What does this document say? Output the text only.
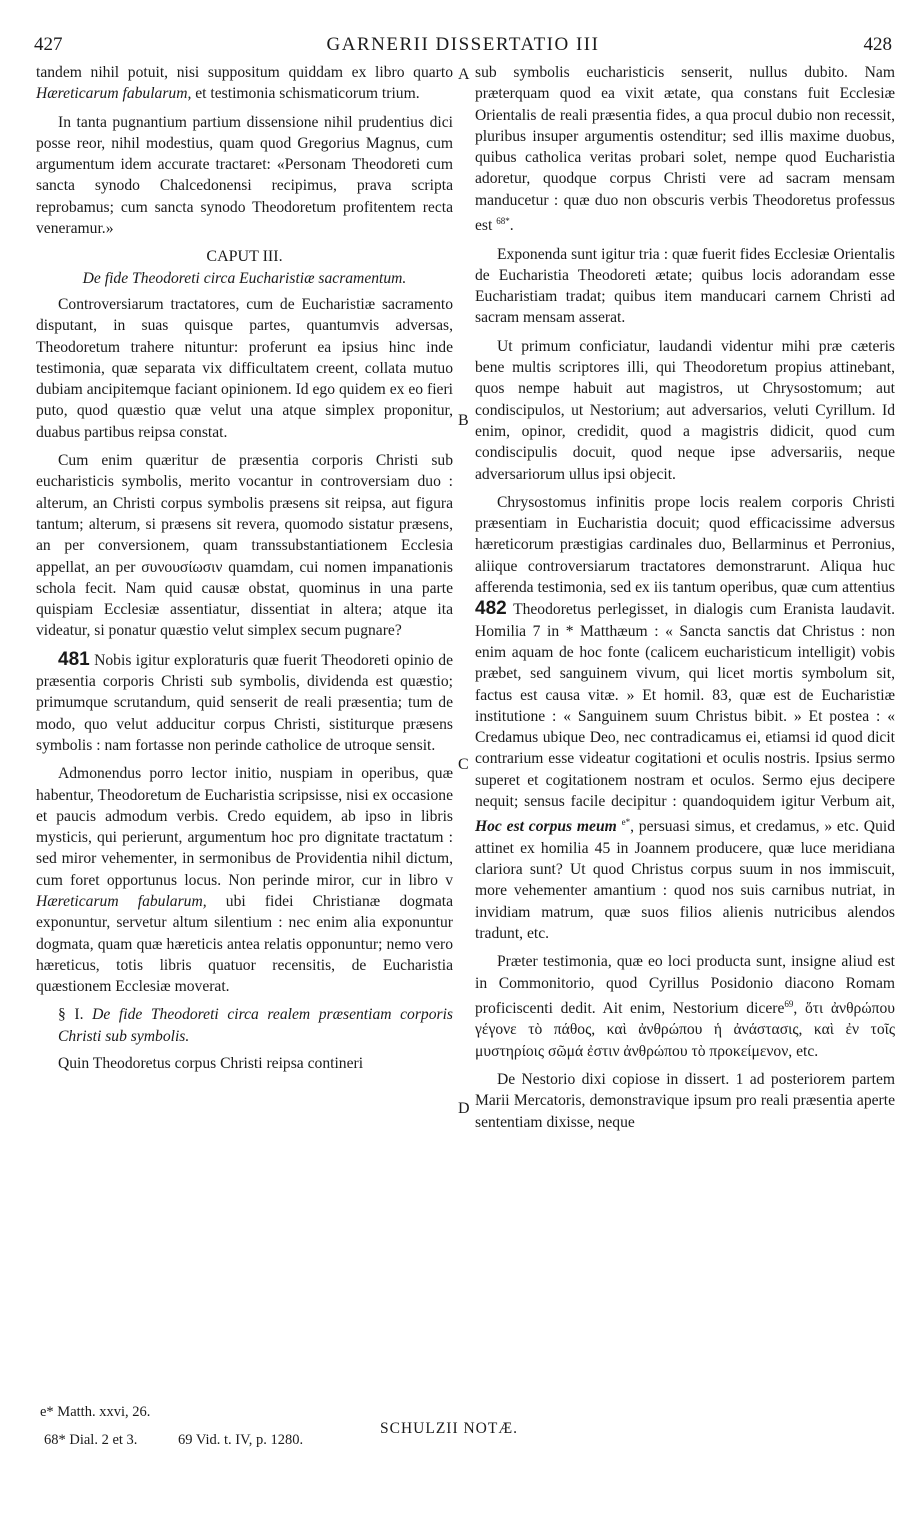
427	GARNERII DISSERTATIO III	428
A
B
C
D

tandem nihil potuit, nisi suppositum quiddam ex libro quarto Hæreticarum fabularum, et testimonia schismaticorum trium.

In tanta pugnantium partium dissensione nihil prudentius dici posse reor, nihil modestius, quam quod Gregorius Magnus, cum argumentum idem accurate tractaret: «Personam Theodoreti cum sancta synodo Chalcedonensi recipimus, prava scripta reprobamus; cum sancta synodo Theodoretum profitentem recta veneramur.»

CAPUT III.
De fide Theodoreti circa Eucharistiæ sacramentum.

Controversiarum tractatores, cum de Eucharistiæ sacramento disputant, in suas quisque partes, quantumvis adversas, Theodoretum trahere nituntur: proferunt ea ipsius hinc inde testimonia, quæ separata vix difficultatem creent, collata mutuo dubiam ancipitemque faciant opinionem. Id ego quidem ex eo fieri puto, quod quæstio quæ velut una atque simplex proponitur, duabus partibus reipsa constat.

Cum enim quæritur de præsentia corporis Christi sub eucharisticis symbolis, merito vocantur in controversiam duo : alterum, an Christi corpus symbolis præsens sit reipsa, aut figura tantum; alterum, si præsens sit revera, quomodo sistatur præsens, an per conversionem, quam transsubstantiationem Ecclesia appellat, an per συνουσίωσιν quamdam, cui nomen impanationis schola fecit. Nam quid causæ obstat, quominus in una parte quispiam Ecclesiæ assentiatur, dissentiat in altera; atque ita videatur, si ponatur quæstio velut simplex secum pugnare?

481 Nobis igitur exploraturis quæ fuerit Theodoreti opinio de præsentia corporis Christi sub symbolis, dividenda est quæstio; primumque scrutandum, quid senserit de reali præsentia; tum de modo, quo velut adducitur corpus Christi, sistiturque præsens symbolis : nam fortasse non perinde catholice de utroque sensit.

Admonendus porro lector initio, nuspiam in operibus, quæ habentur, Theodoretum de Eucharistia scripsisse, nisi ex occasione et paucis admodum verbis. Credo equidem, ab ipso in libris mysticis, qui perierunt, argumentum hoc pro dignitate tractatum : sed miror vehementer, in sermonibus de Providentia nihil dictum, cum foret opportunus locus. Non perinde miror, cur in libro v Hæreticarum fabularum, ubi fidei Christianæ dogmata exponuntur, servetur altum silentium : nec enim alia exponuntur dogmata, quam quæ hæreticis antea relatis opponuntur; nemo vero hæreticus, totis libris quatuor recensitis, de Eucharistia quæstionem Ecclesiæ moverat.

§ I. De fide Theodoreti circa realem præsentiam corporis Christi sub symbolis.

Quin Theodoretus corpus Christi reipsa contineri

e* Matth. xxvi, 26.
68* Dial. 2 et 3.	69 Vid. t. IV, p. 1280.

sub symbolis eucharisticis senserit, nullus dubito. Nam præterquam quod ea vixit ætate, qua constans fuit Ecclesiæ Orientalis de reali præsentia fides, a qua procul dubio non recessit, pluribus insuper argumentis ostenditur; sed illis maxime duobus, quibus catholica veritas probari solet, nempe quod Eucharistia adoretur, quodque corpus Christi vere ad sacram mensam manducetur : quæ duo non obscuris verbis Theodoretus professus est $^{68*}$.

Exponenda sunt igitur tria : quæ fuerit fides Ecclesiæ Orientalis de Eucharistia Theodoreti ætate; quibus locis adorandam esse Eucharistiam tradat; quibus item manducari carnem Christi ad sacram mensam asserat.

Ut primum conficiatur, laudandi videntur mihi præ cæteris bene multis scriptores illi, qui Theodoretum propius attinebant, quos nempe habuit aut magistros, ut Chrysostomum; aut condiscipulos, ut Nestorium; aut adversarios, veluti Cyrillum. Id enim, opinor, credidit, quod a magistris didicit, quod cum condiscipulis docuit, quod neque ipse adversariis, neque adversariorum ullus ipsi objecit.

Chrysostomus infinitis prope locis realem corporis Christi præsentiam in Eucharistia docuit; quod efficacissime adversus hæreticorum præstigias cardinales duo, Bellarminus et Perronius, aliique controversiarum tractatores demonstrarunt. Aliqua huc afferenda testimonia, sed ex iis tantum operibus, quæ cum attentius 482 Theodoretus perlegisset, in dialogis cum Eranista laudavit. Homilia 7 in * Matthæum : « Sancta sanctis dat Christus : non enim aquam de hoc fonte (calicem eucharisticum intelligit) vobis præbet, sed sanguinem vivum, qui licet mortis symbolum sit, factus est causa vitæ. » Et homil. 83, quæ est de Eucharistiæ institutione : « Sanguinem suum Christus bibit. » Et postea : « Credamus ubique Deo, nec contradicamus ei, etiamsi id quod dicit contrarium esse videatur cogitationi et oculis nostris. Ipsius sermo superet et cogitationem nostram et oculos. Sermo ejus decipere nequit; sensus facile decipitur : quandoquidem igitur Verbum ait, Hoc est corpus meum $^{e*}$, persuasi simus, et credamus, » etc. Quid attinet ex homilia 45 in Joannem producere, quæ luce meridiana clariora sunt? Ut quod Christus corpus suum in nos immiscuit, more vehementer amantium : quod nos suis carnibus nutriat, in invidiam matrum, quæ suos filios alienis nutricibus alendos tradunt, etc.

Præter testimonia, quæ eo loci producta sunt, insigne aliud est in Commonitorio, quod Cyrillus Posidonio diacono Romam proficiscenti dedit. Ait enim, Nestorium dicere$^{69}$, ὅτι ἀνθρώπου γέγονε τὸ πάθος, καὶ ἀνθρώπου ἡ ἀνάστασις, καὶ ἐν τοῖς μυστηρίοις σῶμά ἐστιν ἀνθρώπου τὸ προκείμενον, etc.

De Nestorio dixi copiose in dissert. 1 ad posteriorem partem Marii Mercatoris, demonstravique ipsum pro reali præsentia aperte sententiam dixisse, neque

SCHULZII NOTÆ.
